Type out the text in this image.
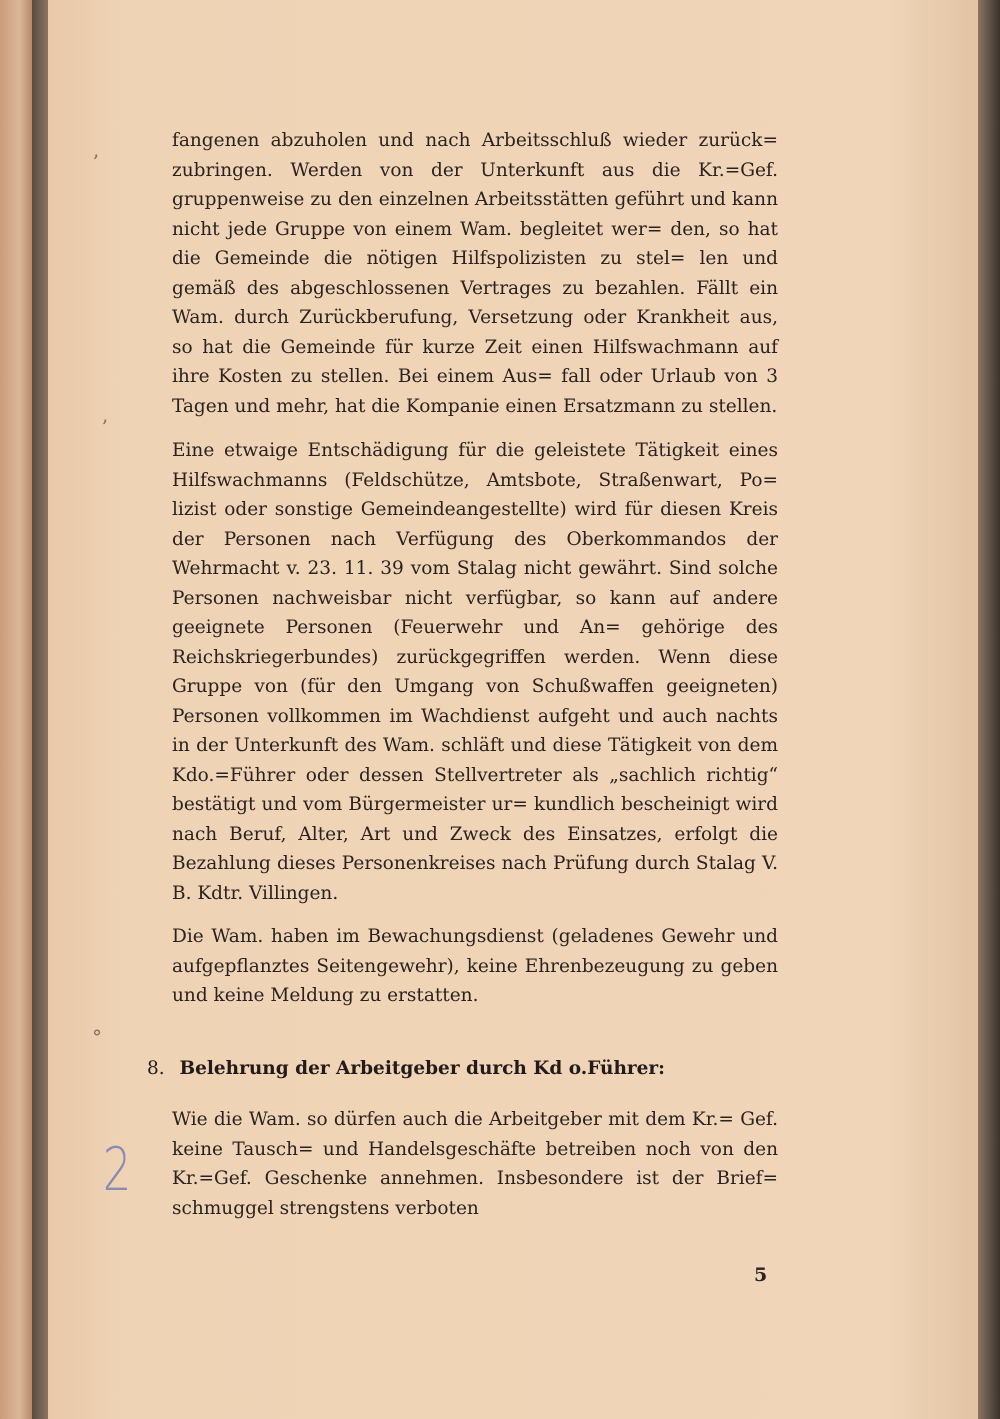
ʼ
ʼ
°
2

fangenen abzuholen und nach Arbeitsschluß wieder zurück= zubringen. Werden von der Unterkunft aus die Kr.=Gef. gruppenweise zu den einzelnen Arbeitsstätten geführt und kann nicht jede Gruppe von einem Wam. begleitet wer= den, so hat die Gemeinde die nötigen Hilfspolizisten zu stel= len und gemäß des abgeschlossenen Vertrages zu bezahlen. Fällt ein Wam. durch Zurückberufung, Versetzung oder Krankheit aus, so hat die Gemeinde für kurze Zeit einen Hilfswachmann auf ihre Kosten zu stellen. Bei einem Aus= fall oder Urlaub von 3 Tagen und mehr, hat die Kompanie einen Ersatzmann zu stellen.

Eine etwaige Entschädigung für die geleistete Tätigkeit eines Hilfswachmanns (Feldschütze, Amtsbote, Straßenwart, Po= lizist oder sonstige Gemeindeangestellte) wird für diesen Kreis der Personen nach Verfügung des Oberkommandos der Wehrmacht v. 23. 11. 39 vom Stalag nicht gewährt. Sind solche Personen nachweisbar nicht verfügbar, so kann auf andere geeignete Personen (Feuerwehr und An= gehörige des Reichskriegerbundes) zurückgegriffen werden. Wenn diese Gruppe von (für den Umgang von Schußwaffen geeigneten) Personen vollkommen im Wachdienst aufgeht und auch nachts in der Unterkunft des Wam. schläft und diese Tätigkeit von dem Kdo.=Führer oder dessen Stellvertreter als „sachlich richtig“ bestätigt und vom Bürgermeister ur= kundlich bescheinigt wird nach Beruf, Alter, Art und Zweck des Einsatzes, erfolgt die Bezahlung dieses Personenkreises nach Prüfung durch Stalag V. B. Kdtr. Villingen.

Die Wam. haben im Bewachungsdienst (geladenes Gewehr und aufgepflanztes Seitengewehr), keine Ehrenbezeugung zu geben und keine Meldung zu erstatten.

8. Belehrung der Arbeitgeber durch Kd o.Führer:

Wie die Wam. so dürfen auch die Arbeitgeber mit dem Kr.= Gef. keine Tausch= und Handelsgeschäfte betreiben noch von den Kr.=Gef. Geschenke annehmen. Insbesondere ist der Brief= schmuggel strengstens verboten

5
